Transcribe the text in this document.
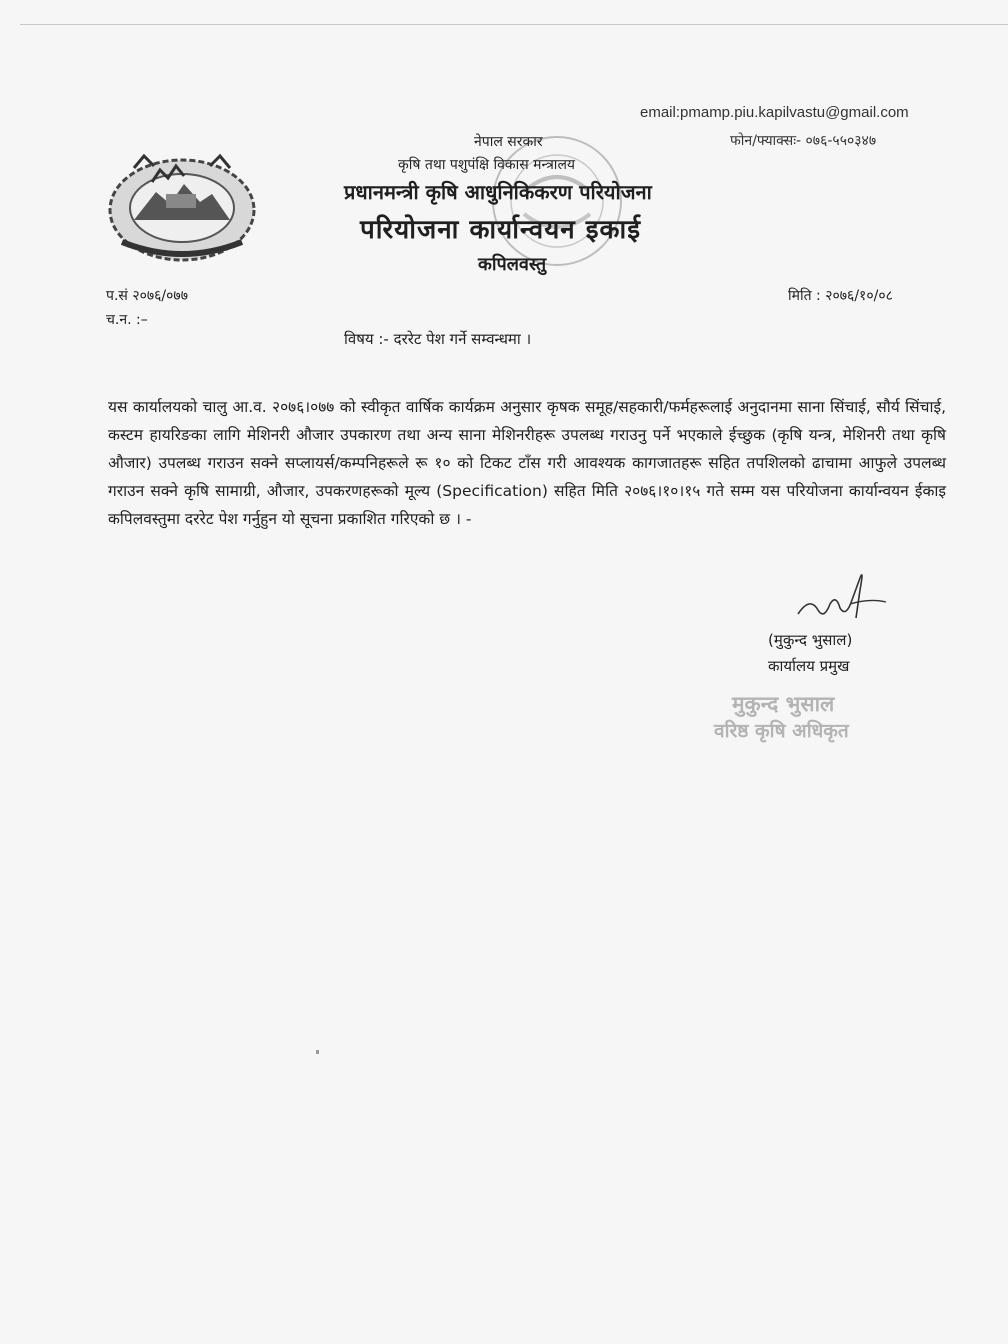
email:pmamp.piu.kapilvastu@gmail.com
फोन/फ्याक्सः- ०७६-५५०३४७
नेपाल सरकार
कृषि तथा पशुपंक्षि विकास मन्त्रालय
प्रधानमन्त्री कृषि आधुनिकिकरण परियोजना
परियोजना कार्यान्वयन इकाई
कपिलवस्तु
प.सं २०७६/०७७
च.न. :–
मिति : २०७६/१०/०८
विषय :- दररेट पेश गर्ने सम्वन्धमा ।
यस कार्यालयको चालु आ.व. २०७६।०७७ को स्वीकृत वार्षिक कार्यक्रम अनुसार कृषक समूह/सहकारी/फर्महरूलाई अनुदानमा साना सिंचाई, सौर्य सिंचाई, कस्टम हायरिङका लागि मेशिनरी औजार उपकारण तथा अन्य साना मेशिनरीहरू उपलब्ध गराउनु पर्ने भएकाले ईच्छुक (कृषि यन्त्र, मेशिनरी तथा कृषि औजार) उपलब्ध गराउन सक्ने सप्लायर्स/कम्पनिहरूले रू १० को टिकट टाँस गरी आवश्यक कागजातहरू सहित तपशिलको ढाचामा आफुले उपलब्ध गराउन सक्ने कृषि सामाग्री, औजार, उपकरणहरूको मूल्य (Specification) सहित मिति २०७६।१०।१५ गते सम्म यस परियोजना कार्यान्वयन ईकाइ कपिलवस्तुमा दररेट पेश गर्नुहुन यो सूचना प्रकाशित गरिएको छ । -
(मुकुन्द भुसाल)
कार्यालय प्रमुख
मुकुन्द भुसाल
वरिष्ठ कृषि अधिकृत
